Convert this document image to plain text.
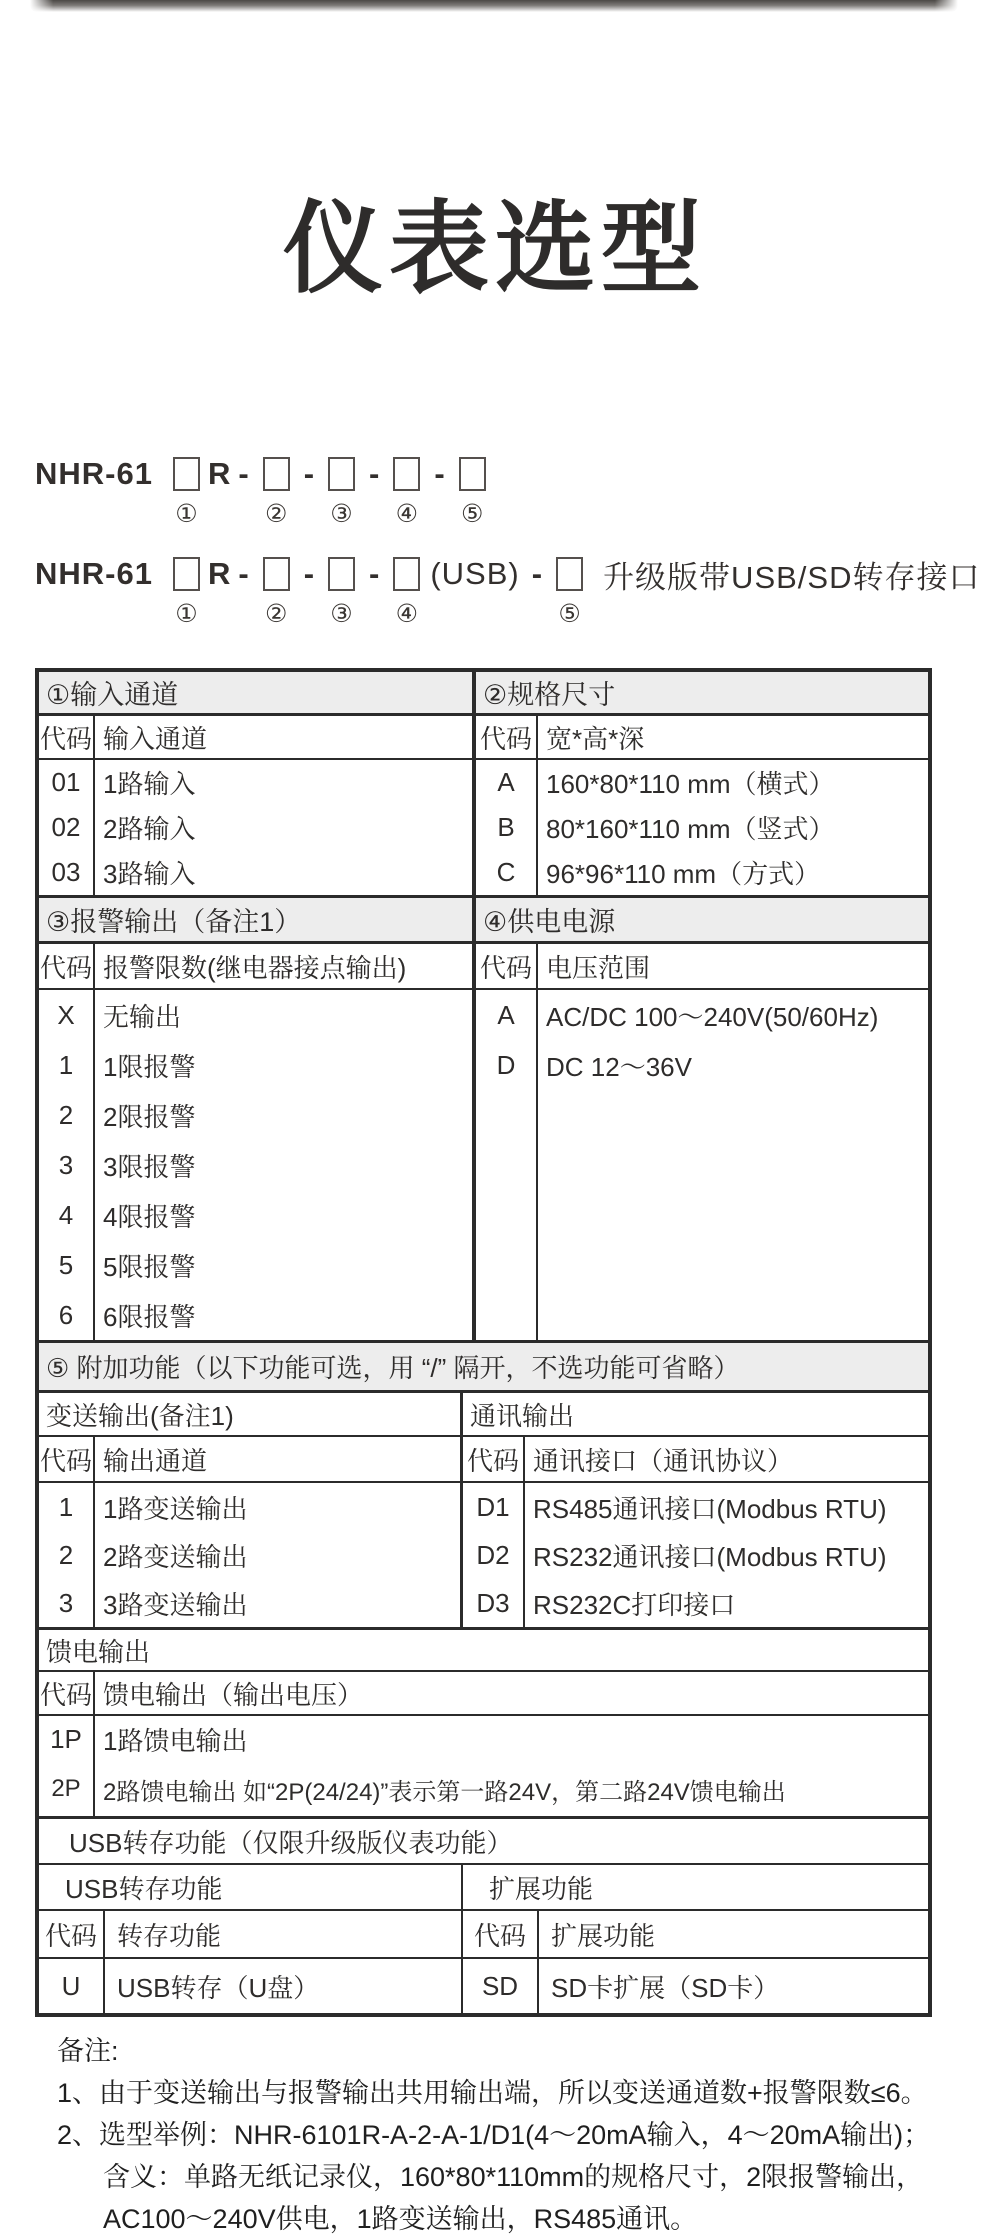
仪表选型
NHR-61
①
R -
②
-
③
-
④
-
⑤
NHR-61
①
R -
②
-
③
-
④
(USB) -
⑤
升级版带USB/SD转存接口
①输入通道
代码 输入通道
01 1路输入
02 2路输入
03 3路输入
②规格尺寸
代码 宽*高*深
A	160*80*110 mm（横式）
B	80*160*110 mm（竖式）
C	96*96*110 mm（方式）
③报警输出（备注1）
代码 报警限数(继电器接点输出)
X	无输出
1	1限报警
2	2限报警
3	3限报警
4	4限报警
5	5限报警
6	6限报警
④供电电源
代码 电压范围
A	AC/DC 100～240V(50/60Hz)
D	DC 12～36V
⑤ 附加功能（以下功能可选，用 “/” 隔开，不选功能可省略）
变送输出(备注1)
代码 输出通道
1	1路变送输出
2	2路变送输出
3	3路变送输出
通讯输出
代码 通讯接口（通讯协议）
D1 RS485通讯接口(Modbus RTU)
D2 RS232通讯接口(Modbus RTU)
D3 RS232C打印接口
馈电输出
代码 馈电输出（输出电压）
1P 1路馈电输出
2P 2路馈电输出 如“2P(24/24)”表示第一路24V，第二路24V馈电输出
USB转存功能（仅限升级版仪表功能）
USB转存功能
代码 转存功能
U	USB转存（U盘）
扩展功能
代码 扩展功能
SD	SD卡扩展（SD卡）
备注:
1、由于变送输出与报警输出共用输出端，所以变送通道数+报警限数≤6。
2、选型举例：NHR-6101R-A-2-A-1/D1(4～20mA输入，4～20mA输出)；
含义：单路无纸记录仪，160*80*110mm的规格尺寸，2限报警输出，
AC100～240V供电，1路变送输出，RS485通讯。
